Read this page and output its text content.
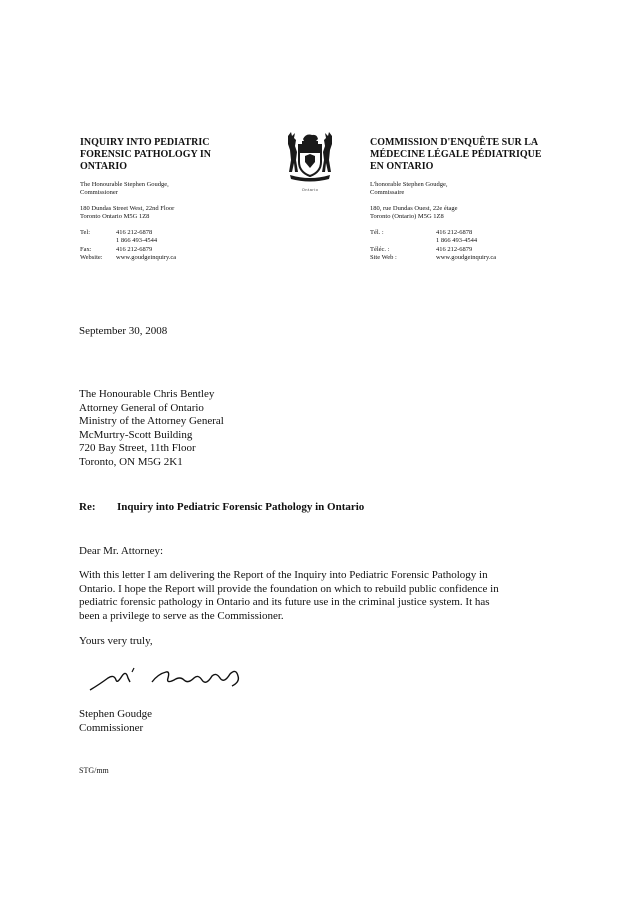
INQUIRY INTO PEDIATRIC
FORENSIC PATHOLOGY IN
ONTARIO
The Honourable Stephen Goudge,
Commissioner
180 Dundas Street West, 22nd Floor
Toronto Ontario M5G 1Z8
Tel:	416 212-6878
1 866 493-4544
Fax:	416 212-6879
Website:	www.goudgeinquiry.ca
Ontario
COMMISSION D'ENQUÊTE SUR LA
MÉDECINE LÉGALE PÉDIATRIQUE
EN ONTARIO
L'honorable Stephen Goudge,
Commissaire
180, rue Dundas Ouest, 22e étage
Toronto (Ontario) M5G 1Z8
Tél. :	416 212-6878
1 866 493-4544
Téléc. :	416 212-6879
Site Web :	www.goudgeinquiry.ca
September 30, 2008
The Honourable Chris Bentley
Attorney General of Ontario
Ministry of the Attorney General
McMurtry-Scott Building
720 Bay Street, 11th Floor
Toronto, ON M5G 2K1
Re: Inquiry into Pediatric Forensic Pathology in Ontario
Dear Mr. Attorney:
With this letter I am delivering the Report of the Inquiry into Pediatric Forensic Pathology in
Ontario. I hope the Report will provide the foundation on which to rebuild public confidence in
pediatric forensic pathology in Ontario and its future use in the criminal justice system. It has
been a privilege to serve as the Commissioner.
Yours very truly,
Stephen Goudge
Commissioner
STG/mm
